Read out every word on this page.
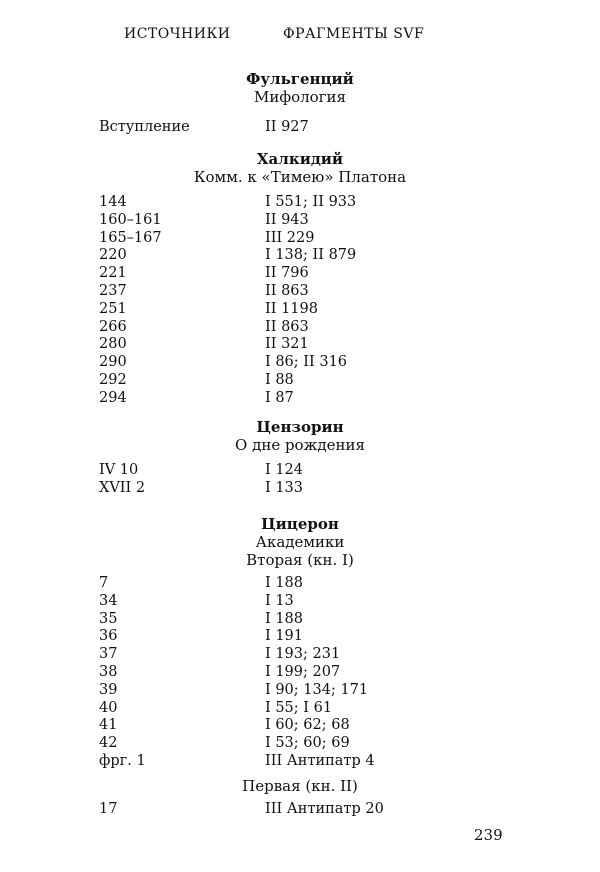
ИСТОЧНИКИ	ФРАГМЕНТЫ SVF
Фульгенций
Мифология
Вступление	II 927
Халкидий
Комм. к «Тимею» Платона
144	I 551; II 933
160–161	II 943
165–167	III 229
220	I 138; II 879
221	II 796
237	II 863
251	II 1198
266	II 863
280	II 321
290	I 86; II 316
292	I 88
294	I 87
Цензорин
О дне рождения
IV 10	I 124
XVII 2	I 133
Цицерон
Академики
Вторая (кн. I)
7	I 188
34	I 13
35	I 188
36	I 191
37	I 193; 231
38	I 199; 207
39	I 90; 134; 171
40	I 55; I 61
41	I 60; 62; 68
42	I 53; 60; 69
фрг. 1	III Антипатр 4
Первая (кн. II)
17	III Антипатр 20
239
